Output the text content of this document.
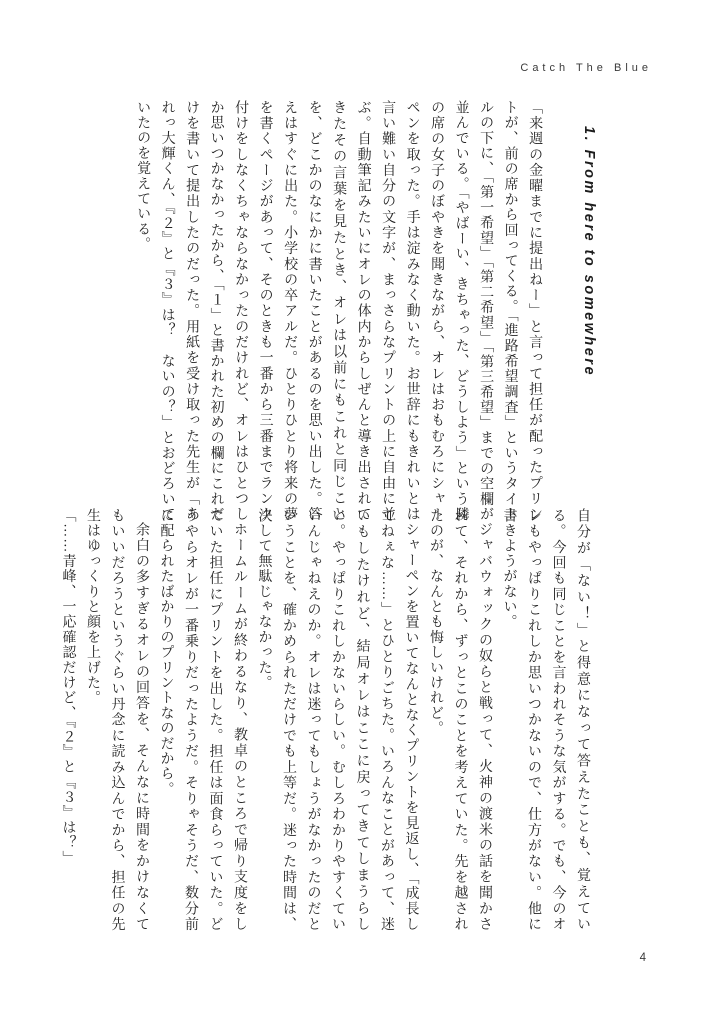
Catch The Blue
1. From here to somewhere

「来週の金曜までに提出ねー」と言って担任が配ったプリントが、前の席から回ってくる。「進路希望調査」というタイトルの下に、「第一希望」「第二希望」「第三希望」までの空欄が並んでいる。「やばーい、きちゃった、どうしよう」という隣の席の女子のぼやきを聞きながら、オレはおもむろにシャーペンを取った。手は淀みなく動いた。お世辞にもきれいとは言い難い自分の文字が、まっさらなプリントの上に自由に並ぶ。自動筆記みたいにオレの体内からしぜんと導き出されてきたその言葉を見たとき、オレは以前にもこれと同じことを、どこかのなにかに書いたことがあるのを思い出した。答えはすぐに出た。小学校の卒アルだ。ひとりひとり将来の夢を書くページがあって、そのときも一番から三番までランク付けをしなくちゃならなかったのだけれど、オレはひとつしか思いつかなかったから、「１」と書かれた初めの欄にこれだけを書いて提出したのだった。用紙を受け取った先生が「あれっ大輝くん、『２』と『３』は？　ないの？」とおどろいていたのを覚えている。

自分が「ない！」と得意になって答えたことも、覚えている。今回も同じことを言われそうな気がする。でも、今のオレもやっぱりこれしか思いつかないので、仕方がない。他に書きようがない。

ジャバウォックの奴らと戦って、火神の渡米の話を聞かされて、それから、ずっとこのことを考えていた。先を越されたのが、なんとも悔しいけれど。

シャーペンを置いてなんとなくプリントを見返し、「成長してねぇな……」とひとりごちた。いろんなことがあって、迷いもしたけれど、結局オレはここに戻ってきてしまうらしい。やっぱりこれしかないらしい。むしろわかりやすくていいんじゃねえのか。オレは迷ってもしょうがなかったのだということを、確かめられただけでも上等だ。迷った時間は、決して無駄じゃなかった。

ホームルームが終わるなり、教卓のところで帰り支度をしていた担任にプリントを出した。担任は面食らっていた。どうやらオレが一番乗りだったようだ。そりゃそうだ、数分前に配られたばかりのプリントなのだから。

余白の多すぎるオレの回答を、そんなに時間をかけなくてもいいだろうというぐらい丹念に読み込んでから、担任の先生はゆっくりと顔を上げた。

「……青峰、一応確認だけど、『２』と『３』は？」

4
